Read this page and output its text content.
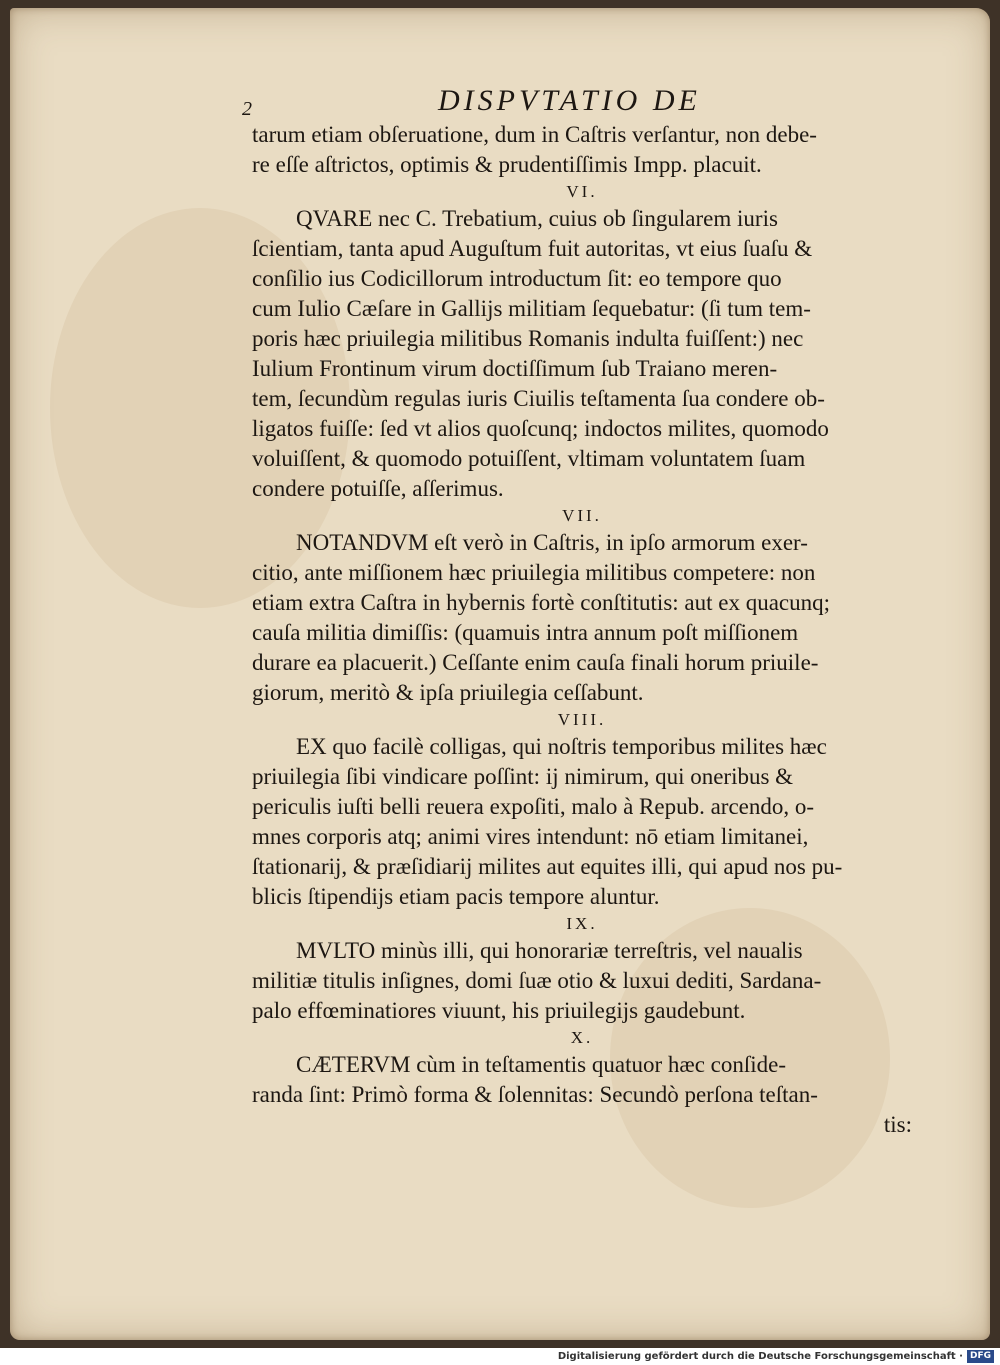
2	DISPVTATIO DE
tarum etiam obſeruatione, dum in Caſtris verſantur, non debe-
re eſſe aſtrictos, optimis & prudentiſſimis Impp. placuit.
VI.
QVARE nec C. Trebatium, cuius ob ſingularem iuris
ſcientiam, tanta apud Auguſtum fuit autoritas, vt eius ſuaſu &
conſilio ius Codicillorum introductum ſit: eo tempore quo
cum Iulio Cæſare in Gallijs militiam ſequebatur: (ſi tum tem-
poris hæc priuilegia militibus Romanis indulta fuiſſent:) nec
Iulium Frontinum virum doctiſſimum ſub Traiano meren-
tem, ſecundùm regulas iuris Ciuilis teſtamenta ſua condere ob-
ligatos fuiſſe: ſed vt alios quoſcunq; indoctos milites, quomodo
voluiſſent, & quomodo potuiſſent, vltimam voluntatem ſuam
condere potuiſſe, aſſerimus.
VII.
NOTANDVM eſt verò in Caſtris, in ipſo armorum exer-
citio, ante miſſionem hæc priuilegia militibus competere: non
etiam extra Caſtra in hybernis fortè conſtitutis: aut ex quacunq;
cauſa militia dimiſſis: (quamuis intra annum poſt miſſionem
durare ea placuerit.) Ceſſante enim cauſa finali horum priuile-
giorum, meritò & ipſa priuilegia ceſſabunt.
VIII.
EX quo facilè colligas, qui noſtris temporibus milites hæc
priuilegia ſibi vindicare poſſint: ij nimirum, qui oneribus &
periculis iuſti belli reuera expoſiti, malo à Repub. arcendo, o-
mnes corporis atq; animi vires intendunt: nō etiam limitanei,
ſtationarij, & præſidiarij milites aut equites illi, qui apud nos pu-
blicis ſtipendijs etiam pacis tempore aluntur.
IX.
MVLTO minùs illi, qui honorariæ terreſtris, vel naualis
militiæ titulis inſignes, domi ſuæ otio & luxui dediti, Sardana-
palo effœminatiores viuunt, his priuilegijs gaudebunt.
X.
CÆTERVM cùm in teſtamentis quatuor hæc conſide-
randa ſint: Primò forma & ſolennitas: Secundò perſona teſtan-
tis:
Digitalisierung gefördert durch die Deutsche Forschungsgemeinschaft · DFG
